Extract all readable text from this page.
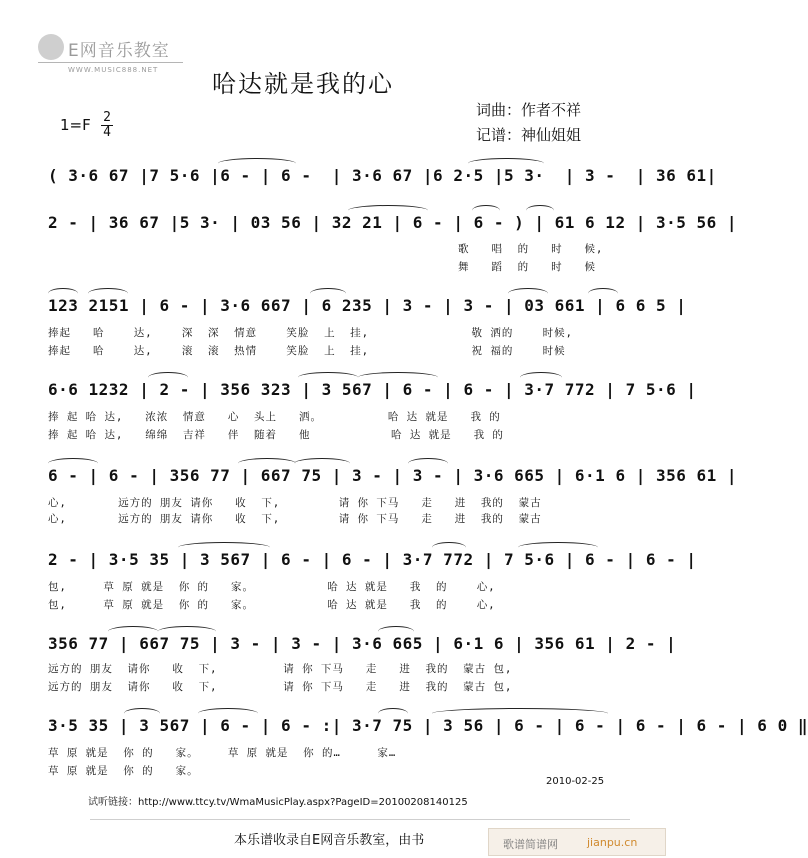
E网音乐教室
WWW.MUSIC888.NET 哈达就是我的心
词曲：作者不祥
记谱：神仙姐姐
1=F 2
4
( 3·6 67 |7 5·6 |6 - | 6 -  | 3·6 67 |6 2·5 |5 3·  | 3 -  | 36 61|
2 - | 36 67 |5 3· | 03 56 | 32 21 | 6 - | 6 - ) | 61 6 12 | 3·5 56 |
歌   唱  的   时   候,
舞   蹈  的   时   候
123 2151 | 6 - | 3·6 667 | 6 235 | 3 - | 3 - | 03 661 | 6 6 5 |
捧起   哈    达,    深  深  情意    笑脸  上  挂,              敬 洒的    时候,
捧起   哈    达,    滚  滚  热情    笑脸  上  挂,              祝 福的    时候
6·6 1232 | 2 - | 356 323 | 3 567 | 6 - | 6 - | 3·7 772 | 7 5·6 |
捧 起 哈 达,   浓浓  情意   心  头上   洒。         哈 达 就是   我 的
捧 起 哈 达,   绵绵  吉祥   伴  随着   他           哈 达 就是   我 的
6 - | 6 - | 356 77 | 667 75 | 3 - | 3 - | 3·6 665 | 6·1 6 | 356 61 |
心,       远方的 朋友 请你   收  下,        请 你 下马   走   进  我的  蒙古
心,       远方的 朋友 请你   收  下,        请 你 下马   走   进  我的  蒙古
2 - | 3·5 35 | 3 567 | 6 - | 6 - | 3·7 772 | 7 5·6 | 6 - | 6 - |
包,     草 原 就是  你 的   家。          哈 达 就是   我  的    心,
包,     草 原 就是  你 的   家。          哈 达 就是   我  的    心,
356 77 | 667 75 | 3 - | 3 - | 3·6 665 | 6·1 6 | 356 61 | 2 - |
远方的 朋友  请你   收  下,         请 你 下马   走   进  我的  蒙古 包,
远方的 朋友  请你   收  下,         请 你 下马   走   进  我的  蒙古 包,
3·5 35 | 3 567 | 6 - | 6 - :| 3·7 75 | 3 56 | 6 - | 6 - | 6 - | 6 - | 6 0 ‖
草 原 就是  你 的   家。    草 原 就是  你 的…     家…
草 原 就是  你 的   家。
2010-02-25
试听链接：http://www.ttcy.tv/WmaMusicPlay.aspx?PageID=20100208140125
本乐谱收录自E网音乐教室，由书	歌谱简谱网	jianpu.cn
